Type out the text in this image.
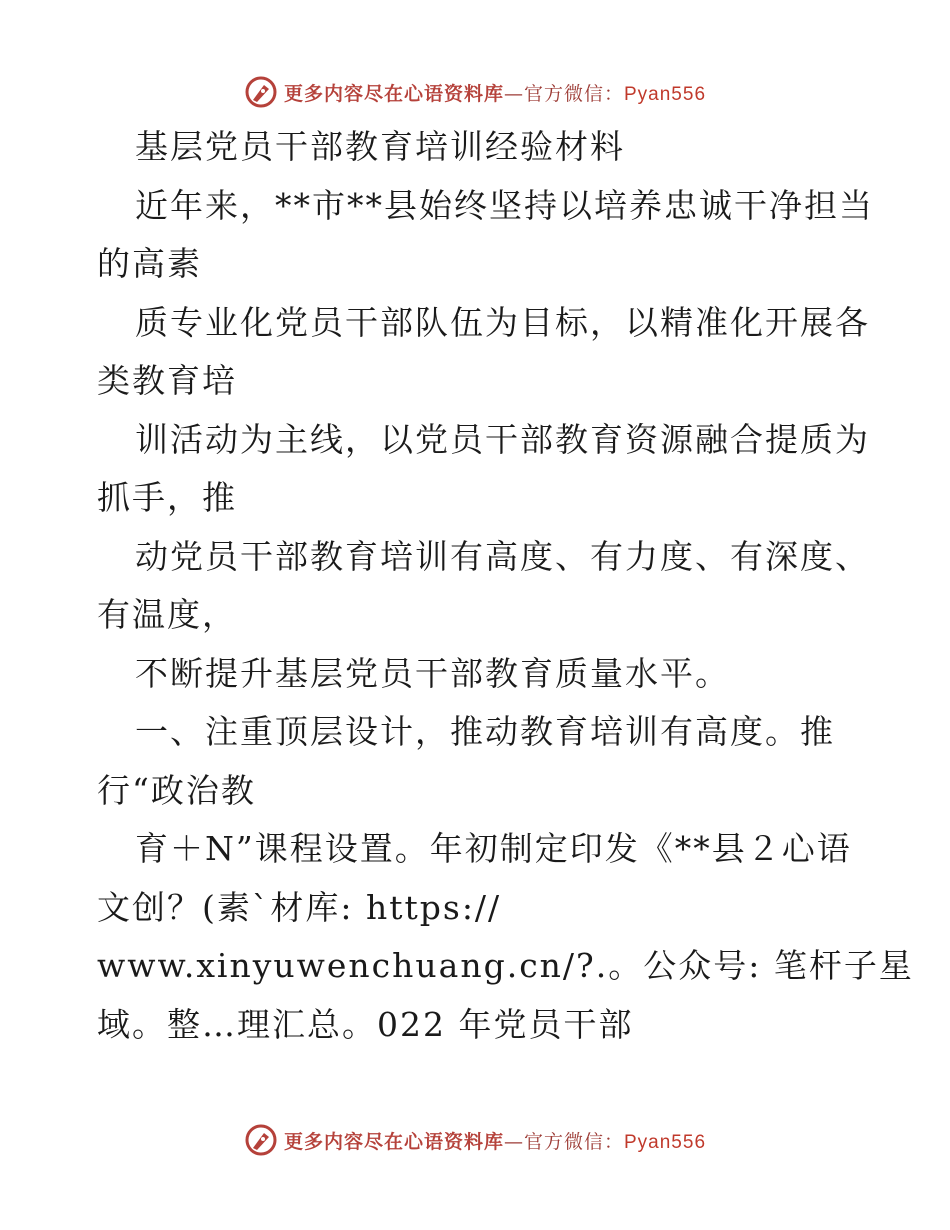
更多内容尽在心语资料库—官方微信：Pyan556
基层党员干部教育培训经验材料
近年来，**市**县始终坚持以培养忠诚干净担当
的高素
质专业化党员干部队伍为目标，以精准化开展各
类教育培
训活动为主线，以党员干部教育资源融合提质为
抓手，推
动党员干部教育培训有高度、有力度、有深度、
有温度，
不断提升基层党员干部教育质量水平。
一、注重顶层设计，推动教育培训有高度。推
行“政治教
育＋N”课程设置。年初制定印发《**县２心语
文创？(素`材库: https://
www.xinyuwenchuang.cn/?.。公众号: 笔杆子星
域。整…理汇总。022 年党员干部
更多内容尽在心语资料库—官方微信：Pyan556
